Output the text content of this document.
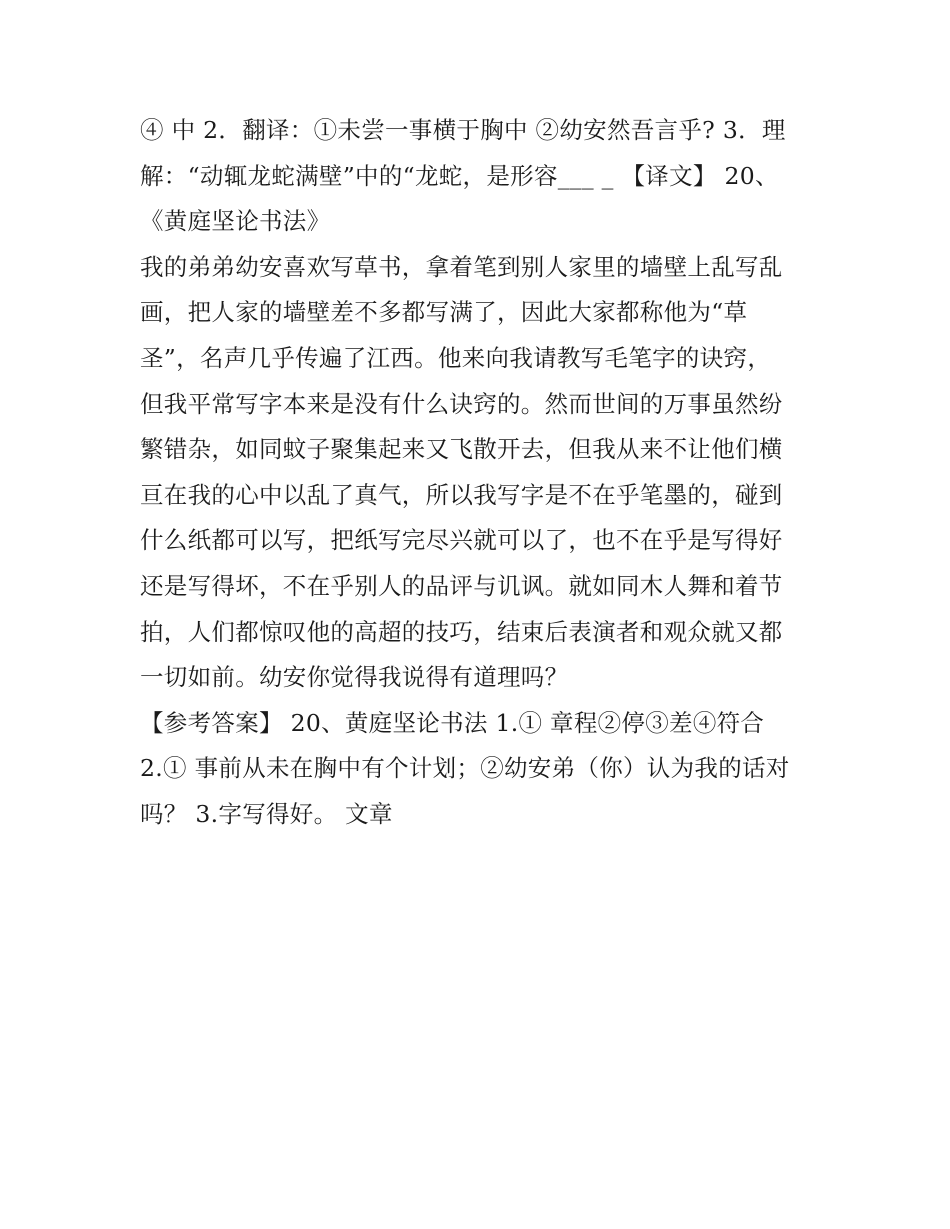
④ 中 2．翻译：①未尝一事横于胸中 ②幼安然吾言乎? 3．理
解：“动辄龙蛇满壁”中的“龙蛇，是形容___ _ 【译文】 20、
《黄庭坚论书法》
我的弟弟幼安喜欢写草书，拿着笔到别人家里的墙壁上乱写乱
画，把人家的墙壁差不多都写满了，因此大家都称他为“草
圣”，名声几乎传遍了江西。他来向我请教写毛笔字的诀窍，
但我平常写字本来是没有什么诀窍的。然而世间的万事虽然纷
繁错杂，如同蚊子聚集起来又飞散开去，但我从来不让他们横
亘在我的心中以乱了真气，所以我写字是不在乎笔墨的，碰到
什么纸都可以写，把纸写完尽兴就可以了，也不在乎是写得好
还是写得坏，不在乎别人的品评与讥讽。就如同木人舞和着节
拍，人们都惊叹他的高超的技巧，结束后表演者和观众就又都
一切如前。幼安你觉得我说得有道理吗？
【参考答案】 20、黄庭坚论书法 1.① 章程②停③差④符合
2.① 事前从未在胸中有个计划；②幼安弟（你）认为我的话对
吗？ 3.字写得好。 文章
